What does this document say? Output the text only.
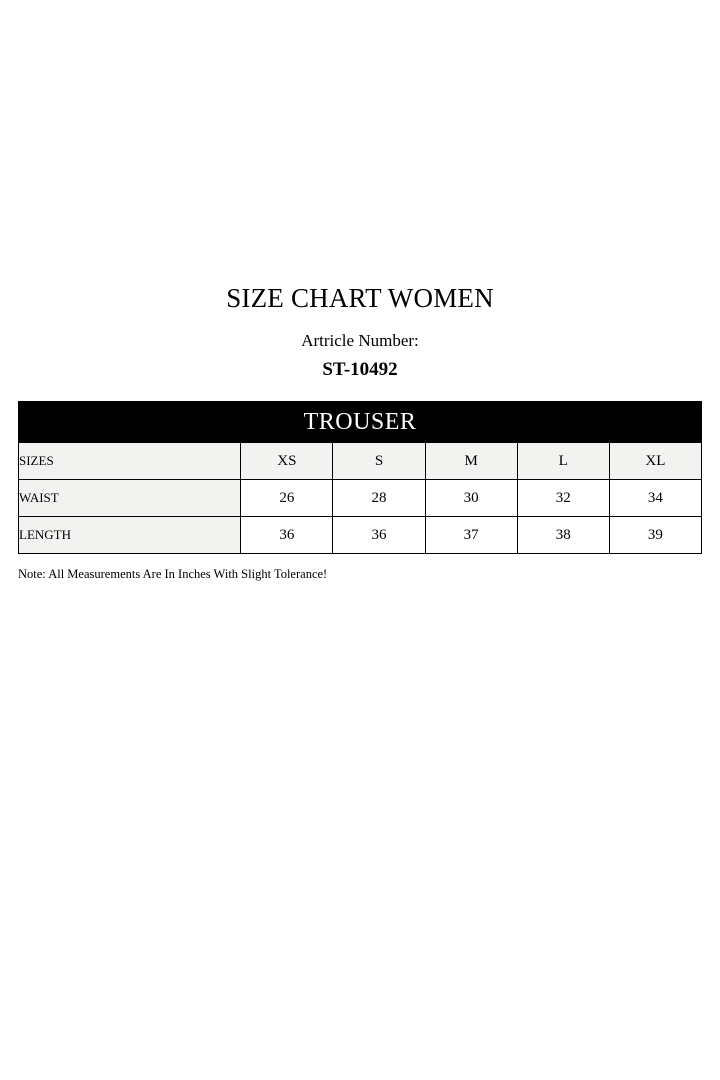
SIZE CHART WOMEN
Artricle Number:
ST-10492
TROUSER					
SIZES	XS	S	M	L	XL
WAIST	26	28	30	32	34
LENGTH	36	36	37	38	39
Note: All Measurements Are In Inches With Slight Tolerance!
